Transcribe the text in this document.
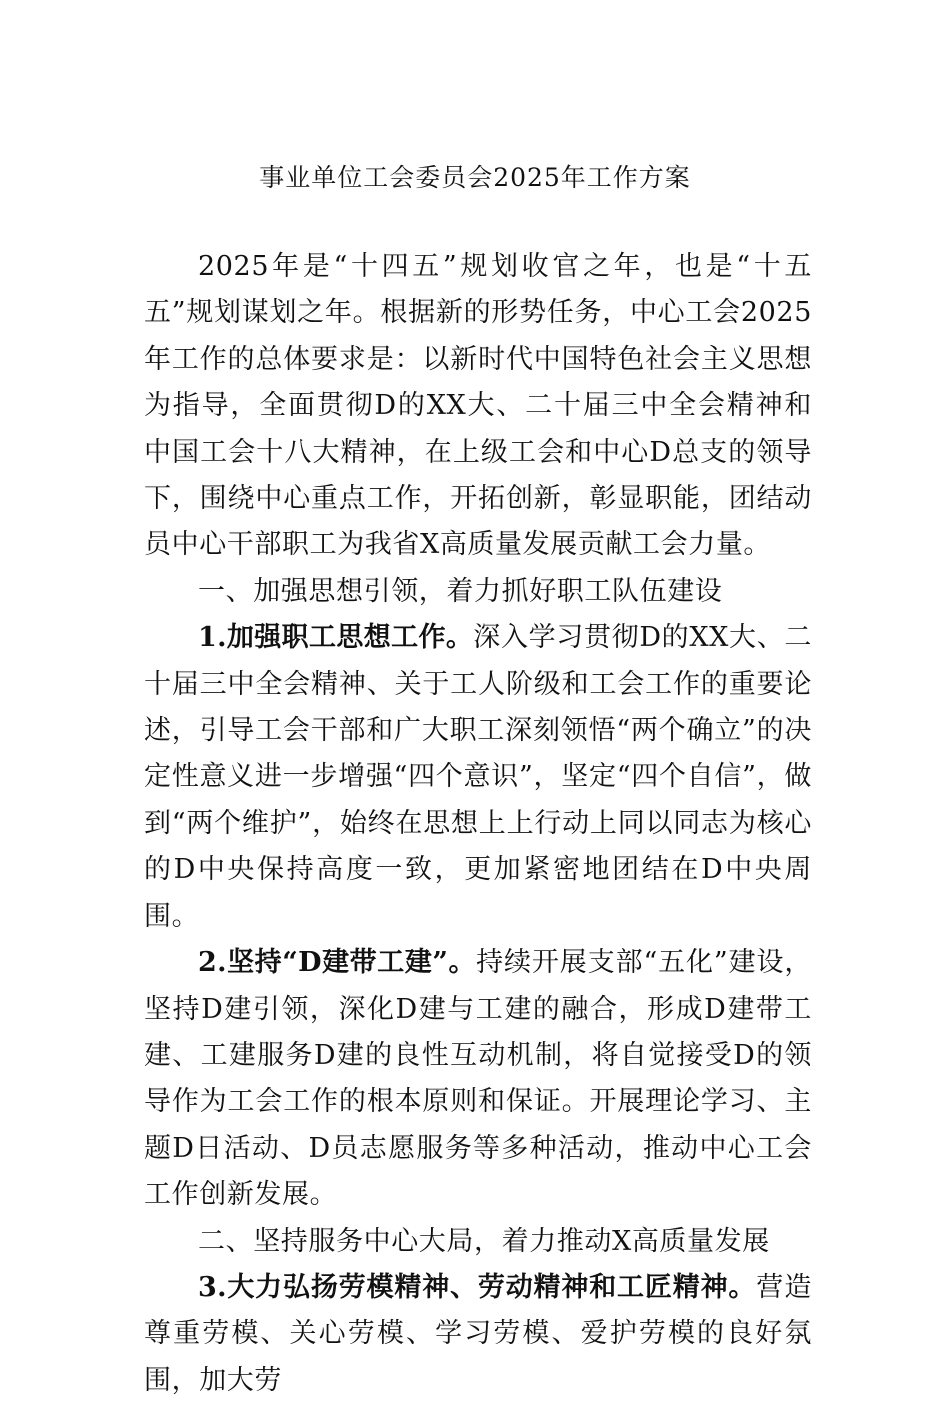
事业单位工会委员会2025年工作方案

2025年是“十四五”规划收官之年，也是“十五五”规划谋划之年。根据新的形势任务，中心工会2025年工作的总体要求是：以新时代中国特色社会主义思想为指导，全面贯彻D的XX大、二十届三中全会精神和中国工会十八大精神，在上级工会和中心D总支的领导下，围绕中心重点工作，开拓创新，彰显职能，团结动员中心干部职工为我省X高质量发展贡献工会力量。

一、加强思想引领，着力抓好职工队伍建设

1.加强职工思想工作。深入学习贯彻D的XX大、二十届三中全会精神、关于工人阶级和工会工作的重要论述，引导工会干部和广大职工深刻领悟“两个确立”的决定性意义进一步增强“四个意识”，坚定“四个自信”，做到“两个维护”，始终在思想上上行动上同以同志为核心的D中央保持高度一致，更加紧密地团结在D中央周围。

2.坚持“D建带工建”。持续开展支部“五化”建设，坚持D建引领，深化D建与工建的融合，形成D建带工建、工建服务D建的良性互动机制，将自觉接受D的领导作为工会工作的根本原则和保证。开展理论学习、主题D日活动、D员志愿服务等多种活动，推动中心工会工作创新发展。

二、坚持服务中心大局，着力推动X高质量发展

3.大力弘扬劳模精神、劳动精神和工匠精神。营造尊重劳模、关心劳模、学习劳模、爱护劳模的良好氛围，加大劳
